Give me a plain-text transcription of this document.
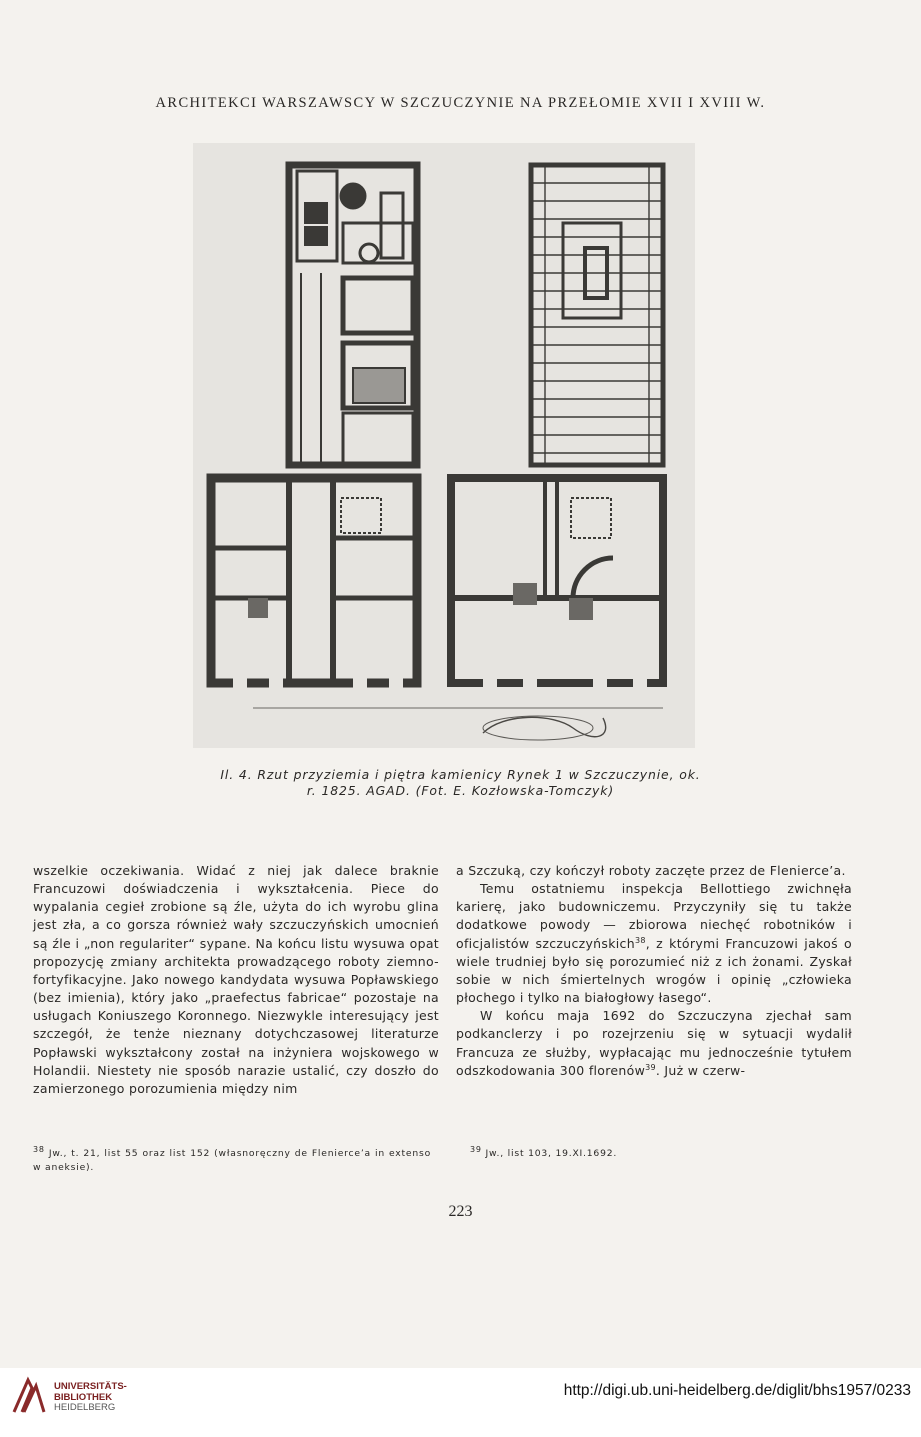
ARCHITEKCI WARSZAWSCY W SZCZUCZYNIE NA PRZEŁOMIE XVII I XVIII W.
Il. 4. Rzut przyziemia i piętra kamienicy Rynek 1 w Szczuczynie, ok.
r. 1825. AGAD. (Fot. E. Kozłowska-Tomczyk)

wszelkie oczekiwania. Widać z niej jak dalece braknie Francuzowi doświadczenia i wykształcenia. Piece do wypalania cegieł zrobione są źle, użyta do ich wyrobu glina jest zła, a co gorsza również wały szczuczyńskich umocnień są źle i „non regulariter“ sypane. Na końcu listu wysuwa opat propozycję zmiany architekta prowadzącego roboty ziemno-fortyfikacyjne. Jako nowego kandydata wysuwa Popławskiego (bez imienia), który jako „praefectus fabricae“ pozostaje na usługach Koniuszego Koronnego. Niezwykle interesujący jest szczegół, że tenże nieznany dotychczasowej literaturze Popławski wykształcony został na inżyniera wojskowego w Holandii. Niestety nie sposób narazie ustalić, czy doszło do zamierzonego porozumienia między nim

a Szczuką, czy kończył roboty zaczęte przez de Flenierce’a.

Temu ostatniemu inspekcja Bellottiego zwichnęła karierę, jako budowniczemu. Przyczyniły się tu także dodatkowe powody — zbiorowa niechęć robotników i oficjalistów szczuczyńskich$^{38}$, z którymi Francuzowi jakoś o wiele trudniej było się porozumieć niż z ich żonami. Zyskał sobie w nich śmiertelnych wrogów i opinię „człowieka płochego i tylko na białogłowy łasego“.

W końcu maja 1692 do Szczuczyna zjechał sam podkanclerzy i po rozejrzeniu się w sytuacji wydalił Francuza ze służby, wypłacając mu jednocześnie tytułem odszkodowania 300 florenów$^{39}$. Już w czerw-

$^{38}$ Jw., t. 21, list 55 oraz list 152 (własnoręczny de Flenierce’a in extenso w aneksie).
$^{39}$ Jw., list 103, 19.XI.1692.
223
UNIVERSITÄTS-
BIBLIOTHEK
HEIDELBERG
http://digi.ub.uni-heidelberg.de/diglit/bhs1957/0233
